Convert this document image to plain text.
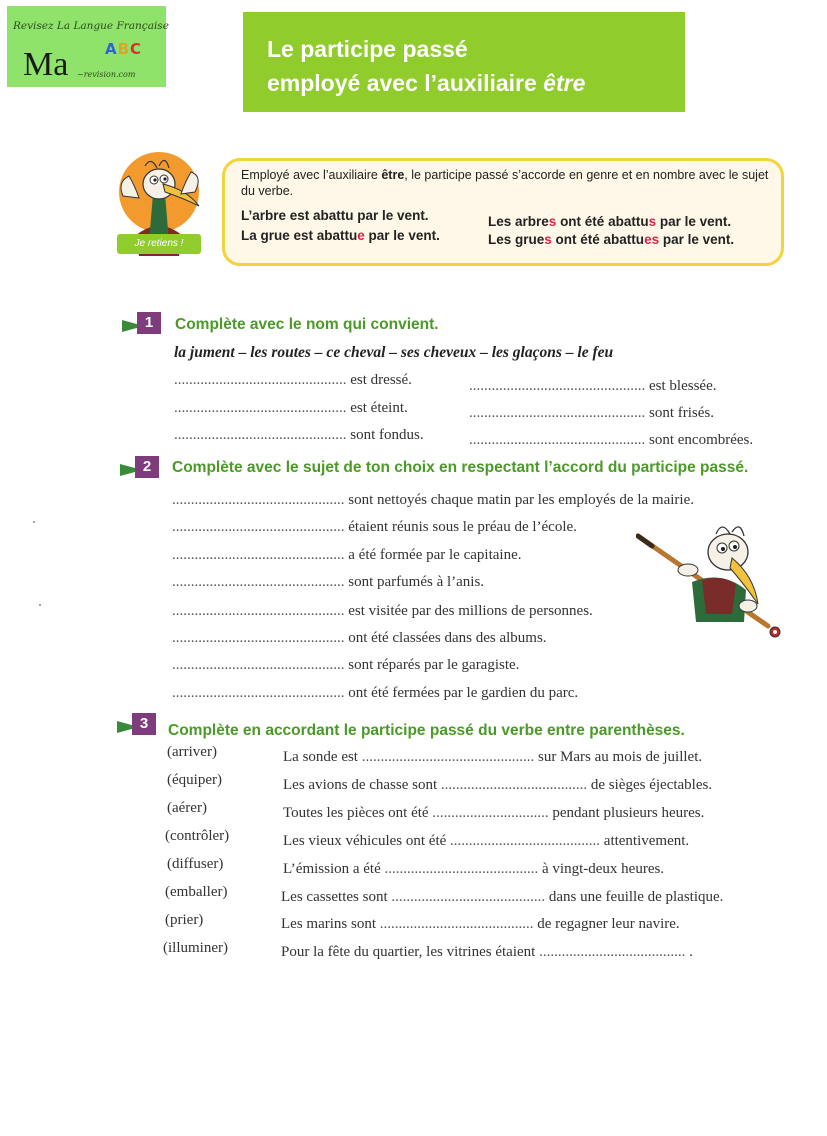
Revisez La Langue Française
Ma ABC
~revision.com
Le participe passé
employé avec l’auxiliaire être
Je retiens !
Employé avec l’auxiliaire être, le participe passé s’accorde en genre et en nombre avec le sujet du verbe.
L’arbre est abattu par le vent.
La grue est abattue par le vent.
Les arbres ont été abattus par le vent.
Les grues ont été abattues par le vent.
1	Complète avec le nom qui convient.
la jument – les routes – ce cheval – ses cheveux – les glaçons – le feu
.............................................. est dressé.
.............................................. est éteint.
.............................................. sont fondus.
............................................... est blessée.
............................................... sont frisés.
............................................... sont encombrées.
2	Complète avec le sujet de ton choix en respectant l’accord du participe passé.
.............................................. sont nettoyés chaque matin par les employés de la mairie.
.............................................. étaient réunis sous le préau de l’école.
.............................................. a été formée par le capitaine.
.............................................. sont parfumés à l’anis.
.............................................. est visitée par des millions de personnes.
.............................................. ont été classées dans des albums.
.............................................. sont réparés par le garagiste.
.............................................. ont été fermées par le gardien du parc.
3	Complète en accordant le participe passé du verbe entre parenthèses.
(arriver)	La sonde est .............................................. sur Mars au mois de juillet.
(équiper)	Les avions de chasse sont ....................................... de sièges éjectables.
(aérer)	Toutes les pièces ont été ............................... pendant plusieurs heures.
(contrôler)	Les vieux véhicules ont été ........................................ attentivement.
(diffuser)	L’émission a été ......................................... à vingt-deux heures.
(emballer)	Les cassettes sont ......................................... dans une feuille de plastique.
(prier)	Les marins sont ......................................... de regagner leur navire.
(illuminer)	Pour la fête du quartier, les vitrines étaient ....................................... .
